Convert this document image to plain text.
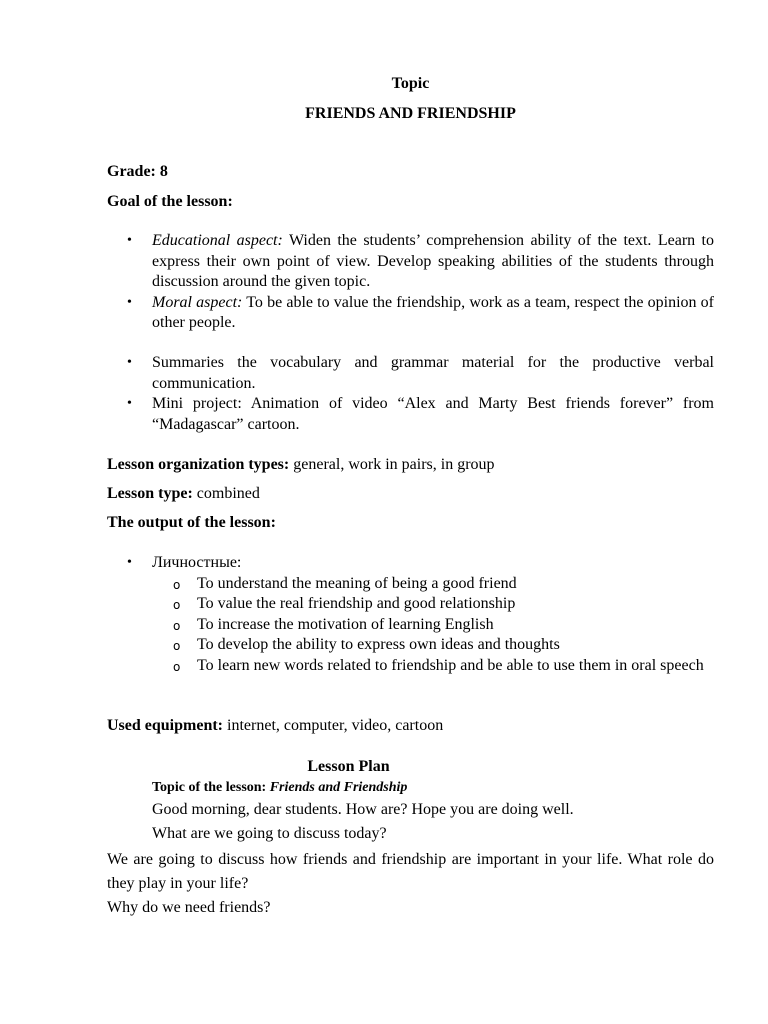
Topic
FRIENDS AND FRIENDSHIP
Grade: 8
Goal of the lesson:
• Educational aspect: Widen the students’ comprehension ability of the text. Learn to express their own point of view. Develop speaking abilities of the students through discussion around the given topic.
• Moral aspect: To be able to value the friendship, work as a team, respect the opinion of other people.
• Summaries the vocabulary and grammar material for the productive verbal communication.
• Mini project: Animation of video “Alex and Marty Best friends forever” from “Madagascar” cartoon.
Lesson organization types: general, work in pairs, in group
Lesson type: combined
The output of the lesson:
• Личностные:
o To understand the meaning of being a good friend
o To value the real friendship and good relationship
o To increase the motivation of learning English
o To develop the ability to express own ideas and thoughts
o To learn new words related to friendship and be able to use them in oral speech
Used equipment: internet, computer, video, cartoon
Lesson Plan
Topic of the lesson: Friends and Friendship
Good morning, dear students. How are? Hope you are doing well.
What are we going to discuss today?
We are going to discuss how friends and friendship are important in your life. What role do they play in your life?
Why do we need friends?
